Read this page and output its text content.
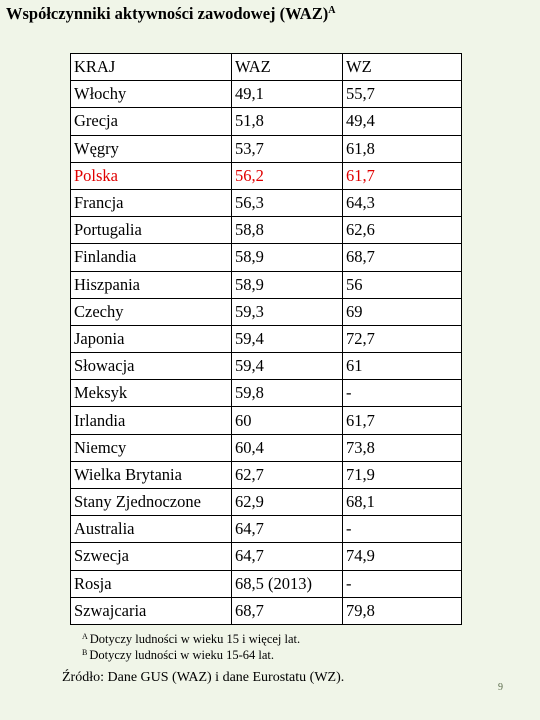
Współczynniki aktywności zawodowej (WAZ)$^A$
KRAJ	WAZ	WZ
Włochy	49,1	55,7
Grecja	51,8	49,4
Węgry	53,7	61,8
Polska	56,2	61,7
Francja	56,3	64,3
Portugalia	58,8	62,6
Finlandia	58,9	68,7
Hiszpania	58,9	56
Czechy	59,3	69
Japonia	59,4	72,7
Słowacja	59,4	61
Meksyk	59,8	-
Irlandia	60	61,7
Niemcy	60,4	73,8
Wielka Brytania	62,7	71,9
Stany Zjednoczone	62,9	68,1
Australia	64,7	-
Szwecja	64,7	74,9
Rosja	68,5 (2013)	-
Szwajcaria	68,7	79,8
$^A$ Dotyczy ludności w wieku 15 i więcej lat.
$^B$ Dotyczy ludności w wieku 15-64 lat.
Źródło: Dane GUS (WAZ) i dane Eurostatu (WZ).
9
